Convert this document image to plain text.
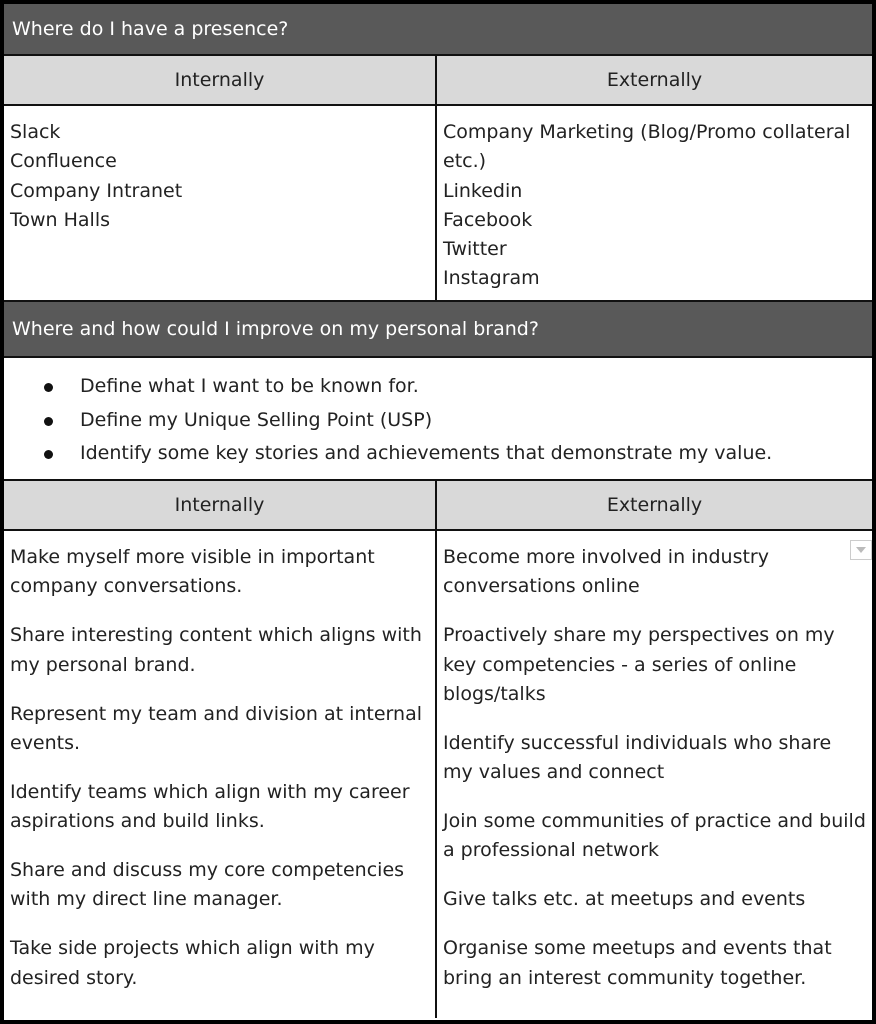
Where do I have a presence?
Internally	Externally
Slack
Confluence
Company Intranet
Town Halls
Company Marketing (Blog/Promo collateral etc.)
Linkedin
Facebook
Twitter
Instagram
Where and how could I improve on my personal brand?
Define what I want to be known for.
Define my Unique Selling Point (USP)
Identify some key stories and achievements that demonstrate my value.
Internally	Externally

Make myself more visible in important company conversations.

Share interesting content which aligns with my personal brand.

Represent my team and division at internal events.

Identify teams which align with my career aspirations and build links.

Share and discuss my core competencies with my direct line manager.

Take side projects which align with my desired story.

Become more involved in industry conversations online

Proactively share my perspectives on my key competencies - a series of online blogs/talks

Identify successful individuals who share my values and connect

Join some communities of practice and build a professional network

Give talks etc. at meetups and events

Organise some meetups and events that bring an interest community together.
